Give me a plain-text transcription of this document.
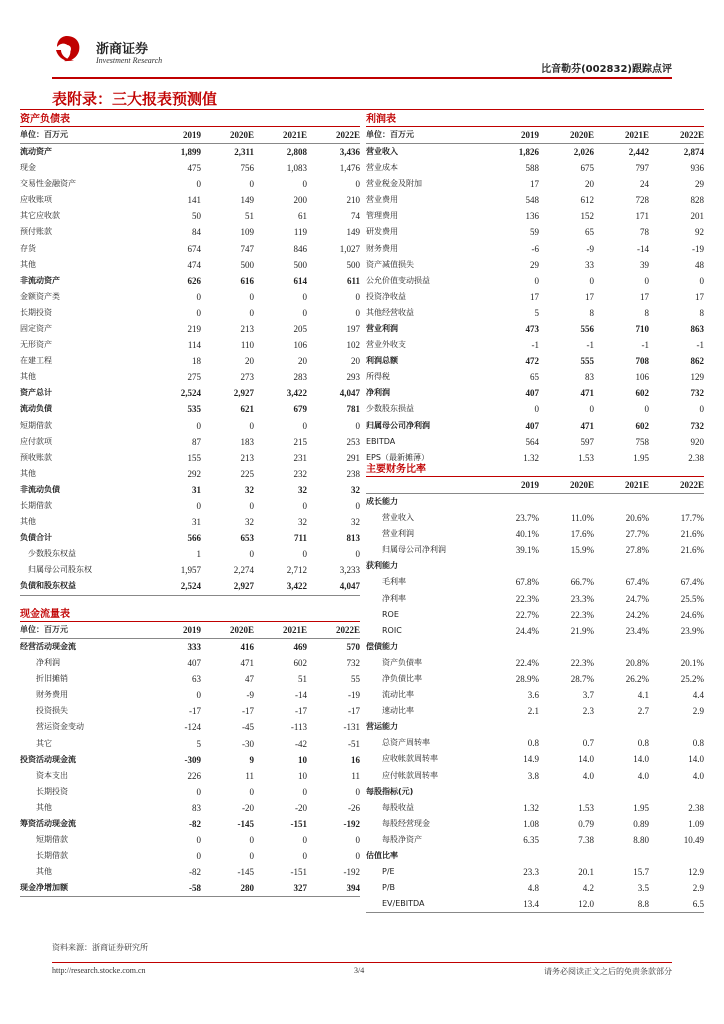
浙商证券
Investment Research
比音勒芬(002832)跟踪点评
表附录：三大报表预测值
资产负债表
单位：百万元	2019	2020E	2021E	2022E
流动资产	1,899	2,311	2,808	3,436
现金	475	756	1,083	1,476
交易性金融资产	0	0	0	0
应收账项	141	149	200	210
其它应收款	50	51	61	74
预付账款	84	109	119	149
存货	674	747	846	1,027
其他	474	500	500	500
非流动资产	626	616	614	611
金额资产类	0	0	0	0
长期投资	0	0	0	0
固定资产	219	213	205	197
无形资产	114	110	106	102
在建工程	18	20	20	20
其他	275	273	283	293
资产总计	2,524	2,927	3,422	4,047
流动负债	535	621	679	781
短期借款	0	0	0	0
应付款项	87	183	215	253
预收账款	155	213	231	291
其他	292	225	232	238
非流动负债	31	32	32	32
长期借款	0	0	0	0
其他	31	32	32	32
负债合计	566	653	711	813
少数股东权益	1	0	0	0
归属母公司股东权	1,957	2,274	2,712	3,233
负债和股东权益	2,524	2,927	3,422	4,047
现金流量表
单位：百万元	2019	2020E	2021E	2022E
经营活动现金流	333	416	469	570
净利润	407	471	602	732
折旧摊销	63	47	51	55
财务费用	0	-9	-14	-19
投资损失	-17	-17	-17	-17
营运资金变动	-124	-45	-113	-131
其它	5	-30	-42	-51
投资活动现金流	-309	9	10	16
资本支出	226	11	10	11
长期投资	0	0	0	0
其他	83	-20	-20	-26
筹资活动现金流	-82	-145	-151	-192
短期借款	0	0	0	0
长期借款	0	0	0	0
其他	-82	-145	-151	-192
现金净增加额	-58	280	327	394
利润表
单位：百万元	2019	2020E	2021E	2022E
营业收入	1,826	2,026	2,442	2,874
营业成本	588	675	797	936
营业税金及附加	17	20	24	29
营业费用	548	612	728	828
管理费用	136	152	171	201
研发费用	59	65	78	92
财务费用	-6	-9	-14	-19
资产减值损失	29	33	39	48
公允价值变动损益	0	0	0	0
投资净收益	17	17	17	17
其他经营收益	5	8	8	8
营业利润	473	556	710	863
营业外收支	-1	-1	-1	-1
利润总额	472	555	708	862
所得税	65	83	106	129
净利润	407	471	602	732
少数股东损益	0	0	0	0
归属母公司净利润	407	471	602	732
EBITDA	564	597	758	920
EPS（最新摊薄）	1.32	1.53	1.95	2.38
主要财务比率
	2019	2020E	2021E	2022E
成长能力				
营业收入	23.7%	11.0%	20.6%	17.7%
营业利润	40.1%	17.6%	27.7%	21.6%
归属母公司净利润	39.1%	15.9%	27.8%	21.6%
获利能力				
毛利率	67.8%	66.7%	67.4%	67.4%
净利率	22.3%	23.3%	24.7%	25.5%
ROE	22.7%	22.3%	24.2%	24.6%
ROIC	24.4%	21.9%	23.4%	23.9%
偿债能力				
资产负债率	22.4%	22.3%	20.8%	20.1%
净负债比率	28.9%	28.7%	26.2%	25.2%
流动比率	3.6	3.7	4.1	4.4
速动比率	2.1	2.3	2.7	2.9
营运能力				
总资产周转率	0.8	0.7	0.8	0.8
应收帐款周转率	14.9	14.0	14.0	14.0
应付帐款周转率	3.8	4.0	4.0	4.0
每股指标(元)				
每股收益	1.32	1.53	1.95	2.38
每股经营现金	1.08	0.79	0.89	1.09
每股净资产	6.35	7.38	8.80	10.49
估值比率				
P/E	23.3	20.1	15.7	12.9
P/B	4.8	4.2	3.5	2.9
EV/EBITDA	13.4	12.0	8.8	6.5
资料来源：浙商证券研究所
http://research.stocke.com.cn	3/4	请务必阅读正文之后的免责条款部分
